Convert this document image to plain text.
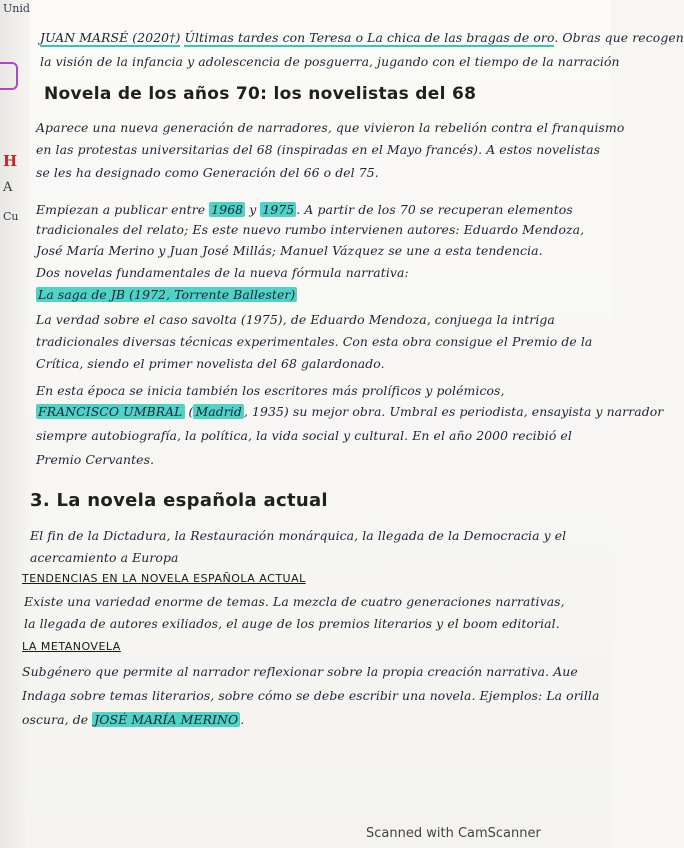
Unid
H
A
Cu
JUAN MARSÉ (2020†) Últimas tardes con Teresa o La chica de las bragas de oro. Obras que recogen
la visión de la infancia y adolescencia de posguerra, jugando con el tiempo de la narración
Novela de los años 70: los novelistas del 68
Aparece una nueva generación de narradores, que vivieron la rebelión contra el franquismo
en las protestas universitarias del 68 (inspiradas en el Mayo francés). A estos novelistas
se les ha designado como Generación del 66 o del 75.
Empiezan a publicar entre 1968 y 1975 . A partir de los 70 se recuperan elementos
tradicionales del relato; Es este nuevo rumbo intervienen autores: Eduardo Mendoza,
José María Merino y Juan José Millás; Manuel Vázquez se une a esta tendencia.
Dos novelas fundamentales de la nueva fórmula narrativa:
La saga de JB (1972, Torrente Ballester)
La verdad sobre el caso savolta (1975), de Eduardo Mendoza, conjuega la intriga
tradicionales diversas técnicas experimentales. Con esta obra consigue el Premio de la
Crítica, siendo el primer novelista del 68 galardonado.
En esta época se inicia también los escritores más prolíficos y polémicos,
FRANCISCO UMBRAL ( Madrid , 1935) su mejor obra. Umbral es periodista, ensayista y narrador
siempre autobiografía, la política, la vida social y cultural. En el año 2000 recibió el
Premio Cervantes.
3. La novela española actual
El fin de la Dictadura, la Restauración monárquica, la llegada de la Democracia y el
acercamiento a Europa
TENDENCIAS EN LA NOVELA ESPAÑOLA ACTUAL
Existe una variedad enorme de temas. La mezcla de cuatro generaciones narrativas,
la llegada de autores exiliados, el auge de los premios literarios y el boom editorial.
LA METANOVELA
Subgénero que permite al narrador reflexionar sobre la propia creación narrativa. Aue
Indaga sobre temas literarios, sobre cómo se debe escribir una novela. Ejemplos: La orilla
oscura, de JOSÉ MARÍA MERINO .
Scanned with CamScanner
